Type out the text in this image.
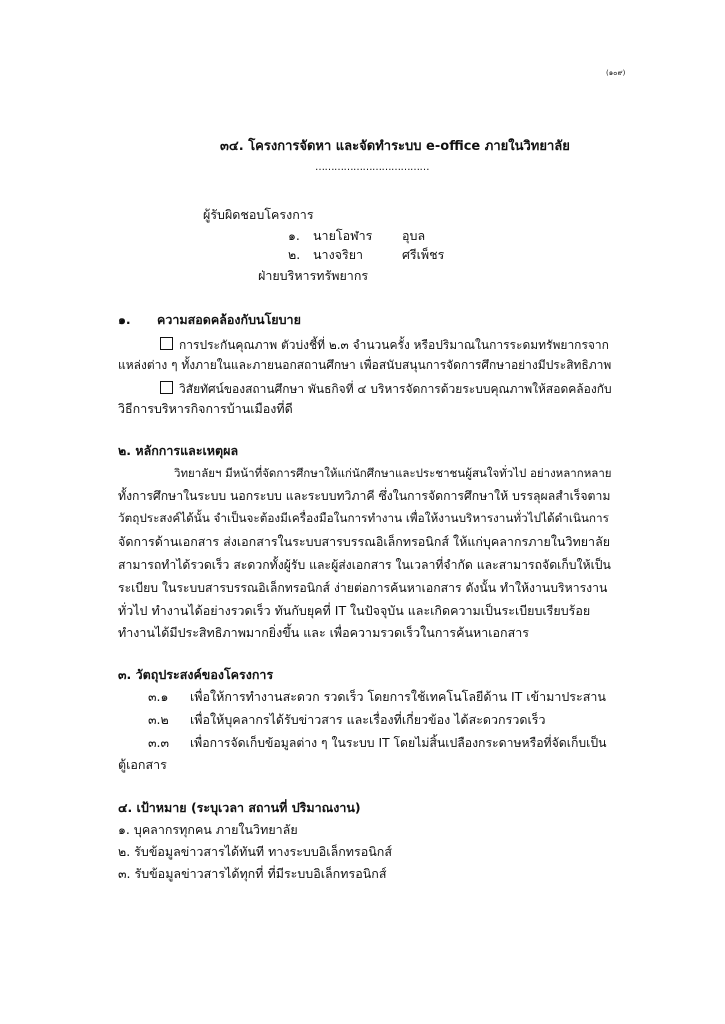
(๑๐๙)
๓๔. โครงการจัดหา และจัดทำระบบ e-office ภายในวิทยาลัย
………………………………
ผู้รับผิดชอบโครงการ
๑. นายโอฬาร อุบล
๒. นางจริยา	ศรีเพ็ชร
ฝ่ายบริหารทรัพยากร
๑. ความสอดคล้องกับนโยบาย
การประกันคุณภาพ ตัวบ่งชี้ที่ ๒.๓ จำนวนครั้ง หรือปริมาณในการระดมทรัพยากรจาก
แหล่งต่าง ๆ ทั้งภายในและภายนอกสถานศึกษา เพื่อสนับสนุนการจัดการศึกษาอย่างมีประสิทธิภาพ
วิสัยทัศน์ของสถานศึกษา พันธกิจที่ ๔ บริหารจัดการด้วยระบบคุณภาพให้สอดคล้องกับ
วิธีการบริหารกิจการบ้านเมืองที่ดี
๒. หลักการและเหตุผล
วิทยาลัยฯ มีหน้าที่จัดการศึกษาให้แก่นักศึกษาและประชาชนผู้สนใจทั่วไป อย่างหลากหลาย
ทั้งการศึกษาในระบบ นอกระบบ และระบบทวิภาคี ซึ่งในการจัดการศึกษาให้ บรรลุผลสำเร็จตาม
วัตถุประสงค์ได้นั้น จำเป็นจะต้องมีเครื่องมือในการทำงาน เพื่อให้งานบริหารงานทั่วไปได้ดำเนินการ
จัดการด้านเอกสาร ส่งเอกสารในระบบสารบรรณอิเล็กทรอนิกส์ ให้แก่บุคลากรภายในวิทยาลัย
สามารถทำได้รวดเร็ว สะดวกทั้งผู้รับ และผู้ส่งเอกสาร ในเวลาที่จำกัด และสามารถจัดเก็บให้เป็น
ระเบียบ ในระบบสารบรรณอิเล็กทรอนิกส์ ง่ายต่อการค้นหาเอกสาร ดังนั้น ทำให้งานบริหารงาน
ทั่วไป ทำงานได้อย่างรวดเร็ว ทันกับยุคที่ IT ในปัจจุบัน และเกิดความเป็นระเบียบเรียบร้อย
ทำงานได้มีประสิทธิภาพมากยิ่งขึ้น และ เพื่อความรวดเร็วในการค้นหาเอกสาร
๓. วัตถุประสงค์ของโครงการ
๓.๑ เพื่อให้การทำงานสะดวก รวดเร็ว โดยการใช้เทคโนโลยีด้าน IT เข้ามาประสาน
๓.๒ เพื่อให้บุคลากรได้รับข่าวสาร และเรื่องที่เกี่ยวข้อง ได้สะดวกรวดเร็ว
๓.๓ เพื่อการจัดเก็บข้อมูลต่าง ๆ ในระบบ IT โดยไม่สิ้นเปลืองกระดาษหรือที่จัดเก็บเป็น
ตู้เอกสาร
๔. เป้าหมาย (ระบุเวลา สถานที่ ปริมาณงาน)
๑. บุคลากรทุกคน ภายในวิทยาลัย
๒. รับข้อมูลข่าวสารได้ทันที ทางระบบอิเล็กทรอนิกส์
๓. รับข้อมูลข่าวสารได้ทุกที่ ที่มีระบบอิเล็กทรอนิกส์
